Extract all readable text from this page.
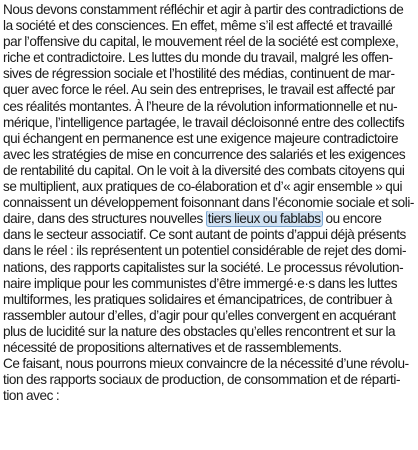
Nous devons constamment réfléchir et agir à partir des contradictions de
la société et des consciences. En effet, même s’il est affecté et travaillé
par l’offensive du capital, le mouvement réel de la société est complexe,
riche et contradictoire. Les luttes du monde du travail, malgré les offen-
sives de régression sociale et l’hostilité des médias, continuent de mar-
quer avec force le réel. Au sein des entreprises, le travail est affecté par
ces réalités montantes. À l’heure de la révolution informationnelle et nu-
mérique, l’intelligence partagée, le travail décloisonné entre des collectifs
qui échangent en permanence est une exigence majeure contradictoire
avec les stratégies de mise en concurrence des salariés et les exigences
de rentabilité du capital. On le voit à la diversité des combats citoyens qui
se multiplient, aux pratiques de co-élaboration et d’« agir ensemble » qui
connaissent un développement foisonnant dans l’économie sociale et soli-
daire, dans des structures nouvelles tiers lieux ou fablabs ou encore
dans le secteur associatif. Ce sont autant de points d’appui déjà présents
dans le réel : ils représentent un potentiel considérable de rejet des domi-
nations, des rapports capitalistes sur la société. Le processus révolution-
naire implique pour les communistes d’être immergé·e·s dans les luttes
multiformes, les pratiques solidaires et émancipatrices, de contribuer à
rassembler autour d’elles, d’agir pour qu’elles convergent en acquérant
plus de lucidité sur la nature des obstacles qu’elles rencontrent et sur la
nécessité de propositions alternatives et de rassemblements.
Ce faisant, nous pourrons mieux convaincre de la nécessité d’une révolu-
tion des rapports sociaux de production, de consommation et de réparti-
tion avec :
